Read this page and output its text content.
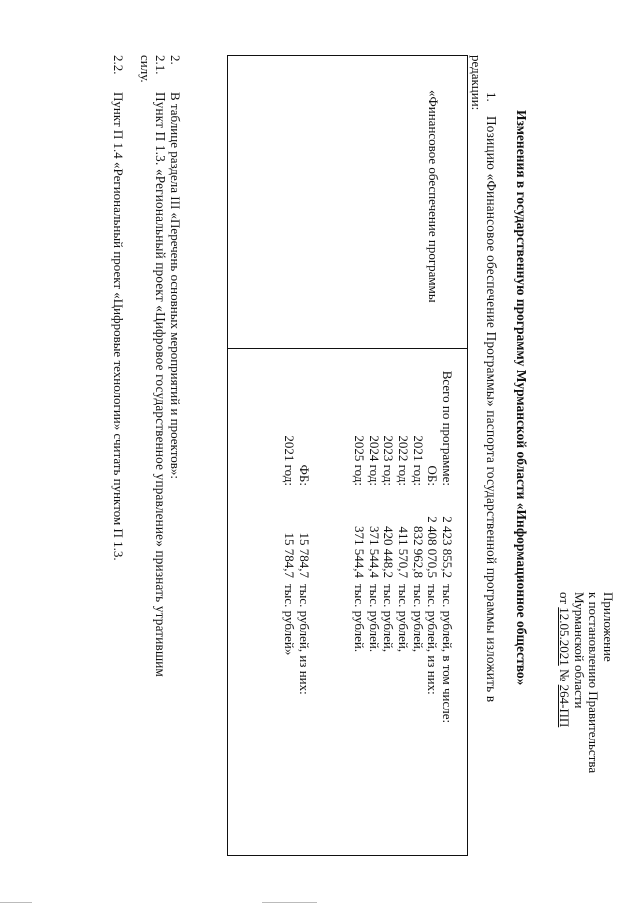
Приложение
к постановлению Правительства
Мурманской области
от 12.05.2021 № 264-ПП
Изменения в государственную программу Мурманской области «Информационное общество»
1.
Позицию «Финансовое обеспечение Программы» паспорта государственной программы изложить в
редакции:
«Финансовое обеспечение программы
Всего по программе:
2 423 855,2
тыс. рублей, в том числе:
ОБ:
2 408 070,5
тыс. рублей, из них:
2021 год:
832 962,8
тыс. рублей,
2022 год:
411 570,7
тыс. рублей,
2023 год:
420 448,2
тыс. рублей,
2024 год:
371 544,4
тыс. рублей.
2025 год:
371 544,4
тыс. рублей.
ФБ:
15 784,7
тыс. рублей, из них:
2021 год:
15 784,7
тыс. рублей»
2.
В таблице раздела III «Перечень основных мероприятий и проектов»:
2.1.
Пункт П 1.3. «Региональный проект «Цифровое государственное управление» признать утратившим
силу.
2.2.
Пункт П 1.4 «Региональный проект «Цифровые технологии» считать пунктом П 1.3.
